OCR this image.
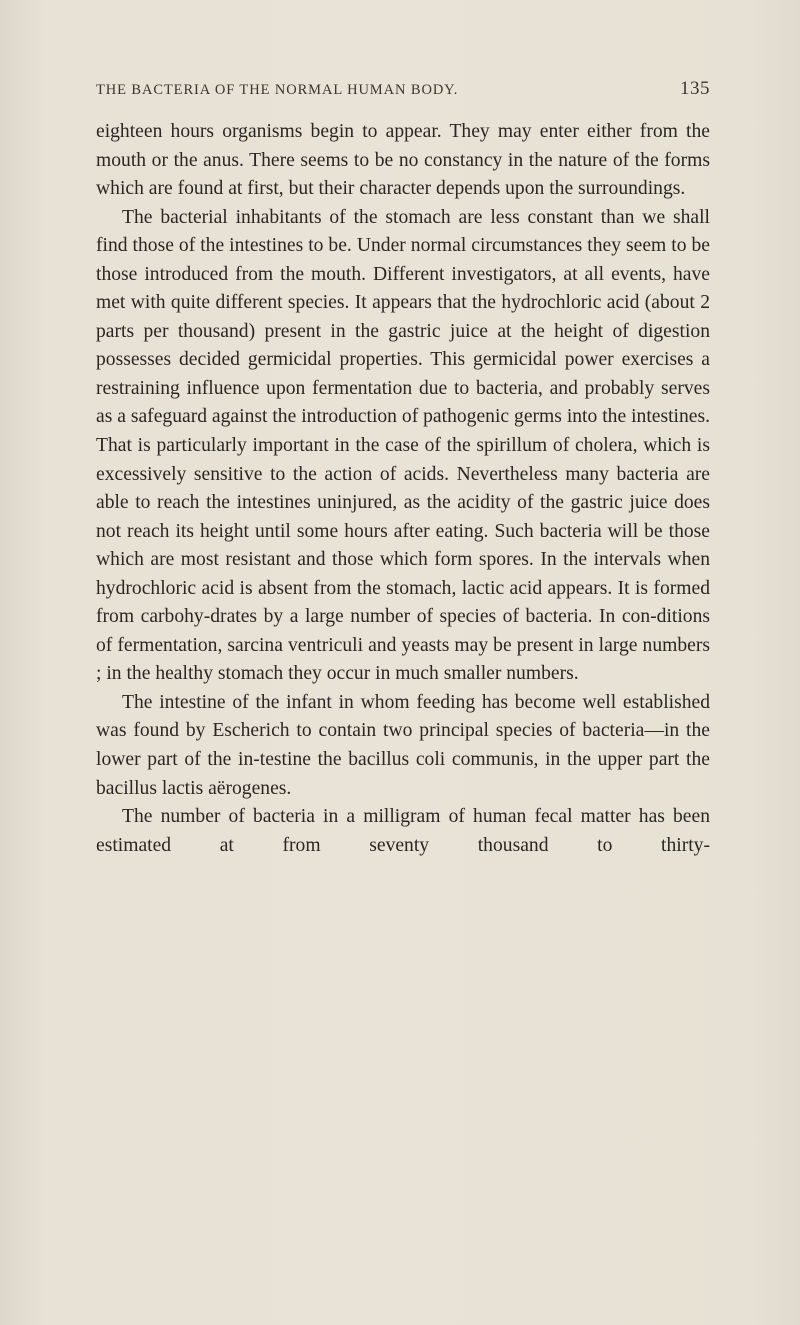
THE BACTERIA OF THE NORMAL HUMAN BODY.	135

eighteen hours organisms begin to appear. They may enter either from the mouth or the anus. There seems to be no constancy in the nature of the forms which are found at first, but their character depends upon the surroundings.

The bacterial inhabitants of the stomach are less constant than we shall find those of the intestines to be. Under normal circumstances they seem to be those introduced from the mouth. Different investigators, at all events, have met with quite different species. It appears that the hydrochloric acid (about 2 parts per thousand) present in the gastric juice at the height of digestion possesses decided germicidal properties. This germicidal power exercises a restraining influence upon fermentation due to bacteria, and probably serves as a safeguard against the introduction of pathogenic germs into the intestines. That is particularly important in the case of the spirillum of cholera, which is excessively sensitive to the action of acids. Nevertheless many bacteria are able to reach the intestines uninjured, as the acidity of the gastric juice does not reach its height until some hours after eating. Such bacteria will be those which are most resistant and those which form spores. In the intervals when hydrochloric acid is absent from the stomach, lactic acid appears. It is formed from carbohy-drates by a large number of species of bacteria. In con-ditions of fermentation, sarcina ventriculi and yeasts may be present in large numbers ; in the healthy stomach they occur in much smaller numbers.

The intestine of the infant in whom feeding has become well established was found by Escherich to contain two principal species of bacteria—in the lower part of the in-testine the bacillus coli communis, in the upper part the bacillus lactis aërogenes.

The number of bacteria in a milligram of human fecal matter has been estimated at from seventy thousand to thirty-
